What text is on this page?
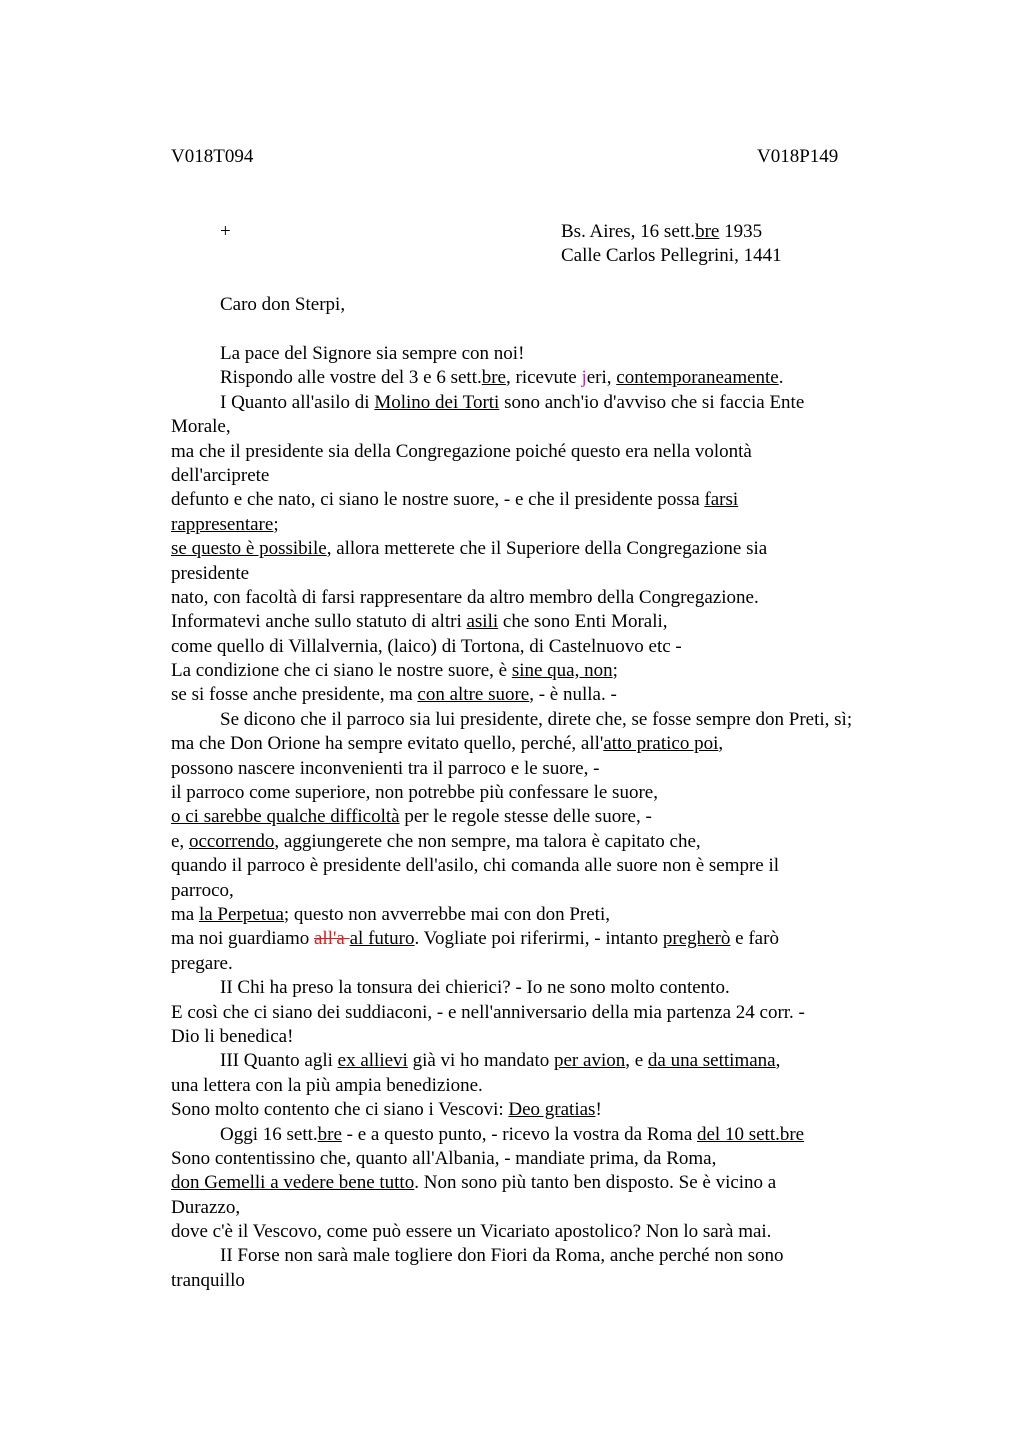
V018T094	V018P149
+	Bs. Aires, 16 sett.bre 1935
Calle Carlos Pellegrini, 1441
Caro don Sterpi,
La pace del Signore sia sempre con noi!
Rispondo alle vostre del 3 e 6 sett.bre, ricevute jeri, contemporaneamente.
I Quanto all'asilo di Molino dei Torti sono anch'io d'avviso che si faccia Ente
Morale,
ma che il presidente sia della Congregazione poiché questo era nella volontà
dell'arciprete
defunto e che nato, ci siano le nostre suore, - e che il presidente possa farsi
rappresentare;
se questo è possibile, allora metterete che il Superiore della Congregazione sia
presidente
nato, con facoltà di farsi rappresentare da altro membro della Congregazione.
Informatevi anche sullo statuto di altri asili che sono Enti Morali,
come quello di Villalvernia, (laico) di Tortona, di Castelnuovo etc -
La condizione che ci siano le nostre suore, è sine qua, non;
se si fosse anche presidente, ma con altre suore, - è nulla. -
Se dicono che il parroco sia lui presidente, direte che, se fosse sempre don Preti, sì;
ma che Don Orione ha sempre evitato quello, perché, all'atto pratico poi,
possono nascere inconvenienti tra il parroco e le suore, -
il parroco come superiore, non potrebbe più confessare le suore,
o ci sarebbe qualche difficoltà per le regole stesse delle suore, -
e, occorrendo, aggiungerete che non sempre, ma talora è capitato che,
quando il parroco è presidente dell'asilo, chi comanda alle suore non è sempre il
parroco,
ma la Perpetua; questo non avverrebbe mai con don Preti,
ma noi guardiamo all'a al futuro. Vogliate poi riferirmi, - intanto pregherò e farò
pregare.
II Chi ha preso la tonsura dei chierici? - Io ne sono molto contento.
E così che ci siano dei suddiaconi, - e nell'anniversario della mia partenza 24 corr. -
Dio li benedica!
III Quanto agli ex allievi già vi ho mandato per avion, e da una settimana,
una lettera con la più ampia benedizione.
Sono molto contento che ci siano i Vescovi: Deo gratias!
Oggi 16 sett.bre - e a questo punto, - ricevo la vostra da Roma del 10 sett.bre
Sono contentissino che, quanto all'Albania, - mandiate prima, da Roma,
don Gemelli a vedere bene tutto. Non sono più tanto ben disposto. Se è vicino a
Durazzo,
dove c'è il Vescovo, come può essere un Vicariato apostolico? Non lo sarà mai.
II Forse non sarà male togliere don Fiori da Roma, anche perché non sono
tranquillo
